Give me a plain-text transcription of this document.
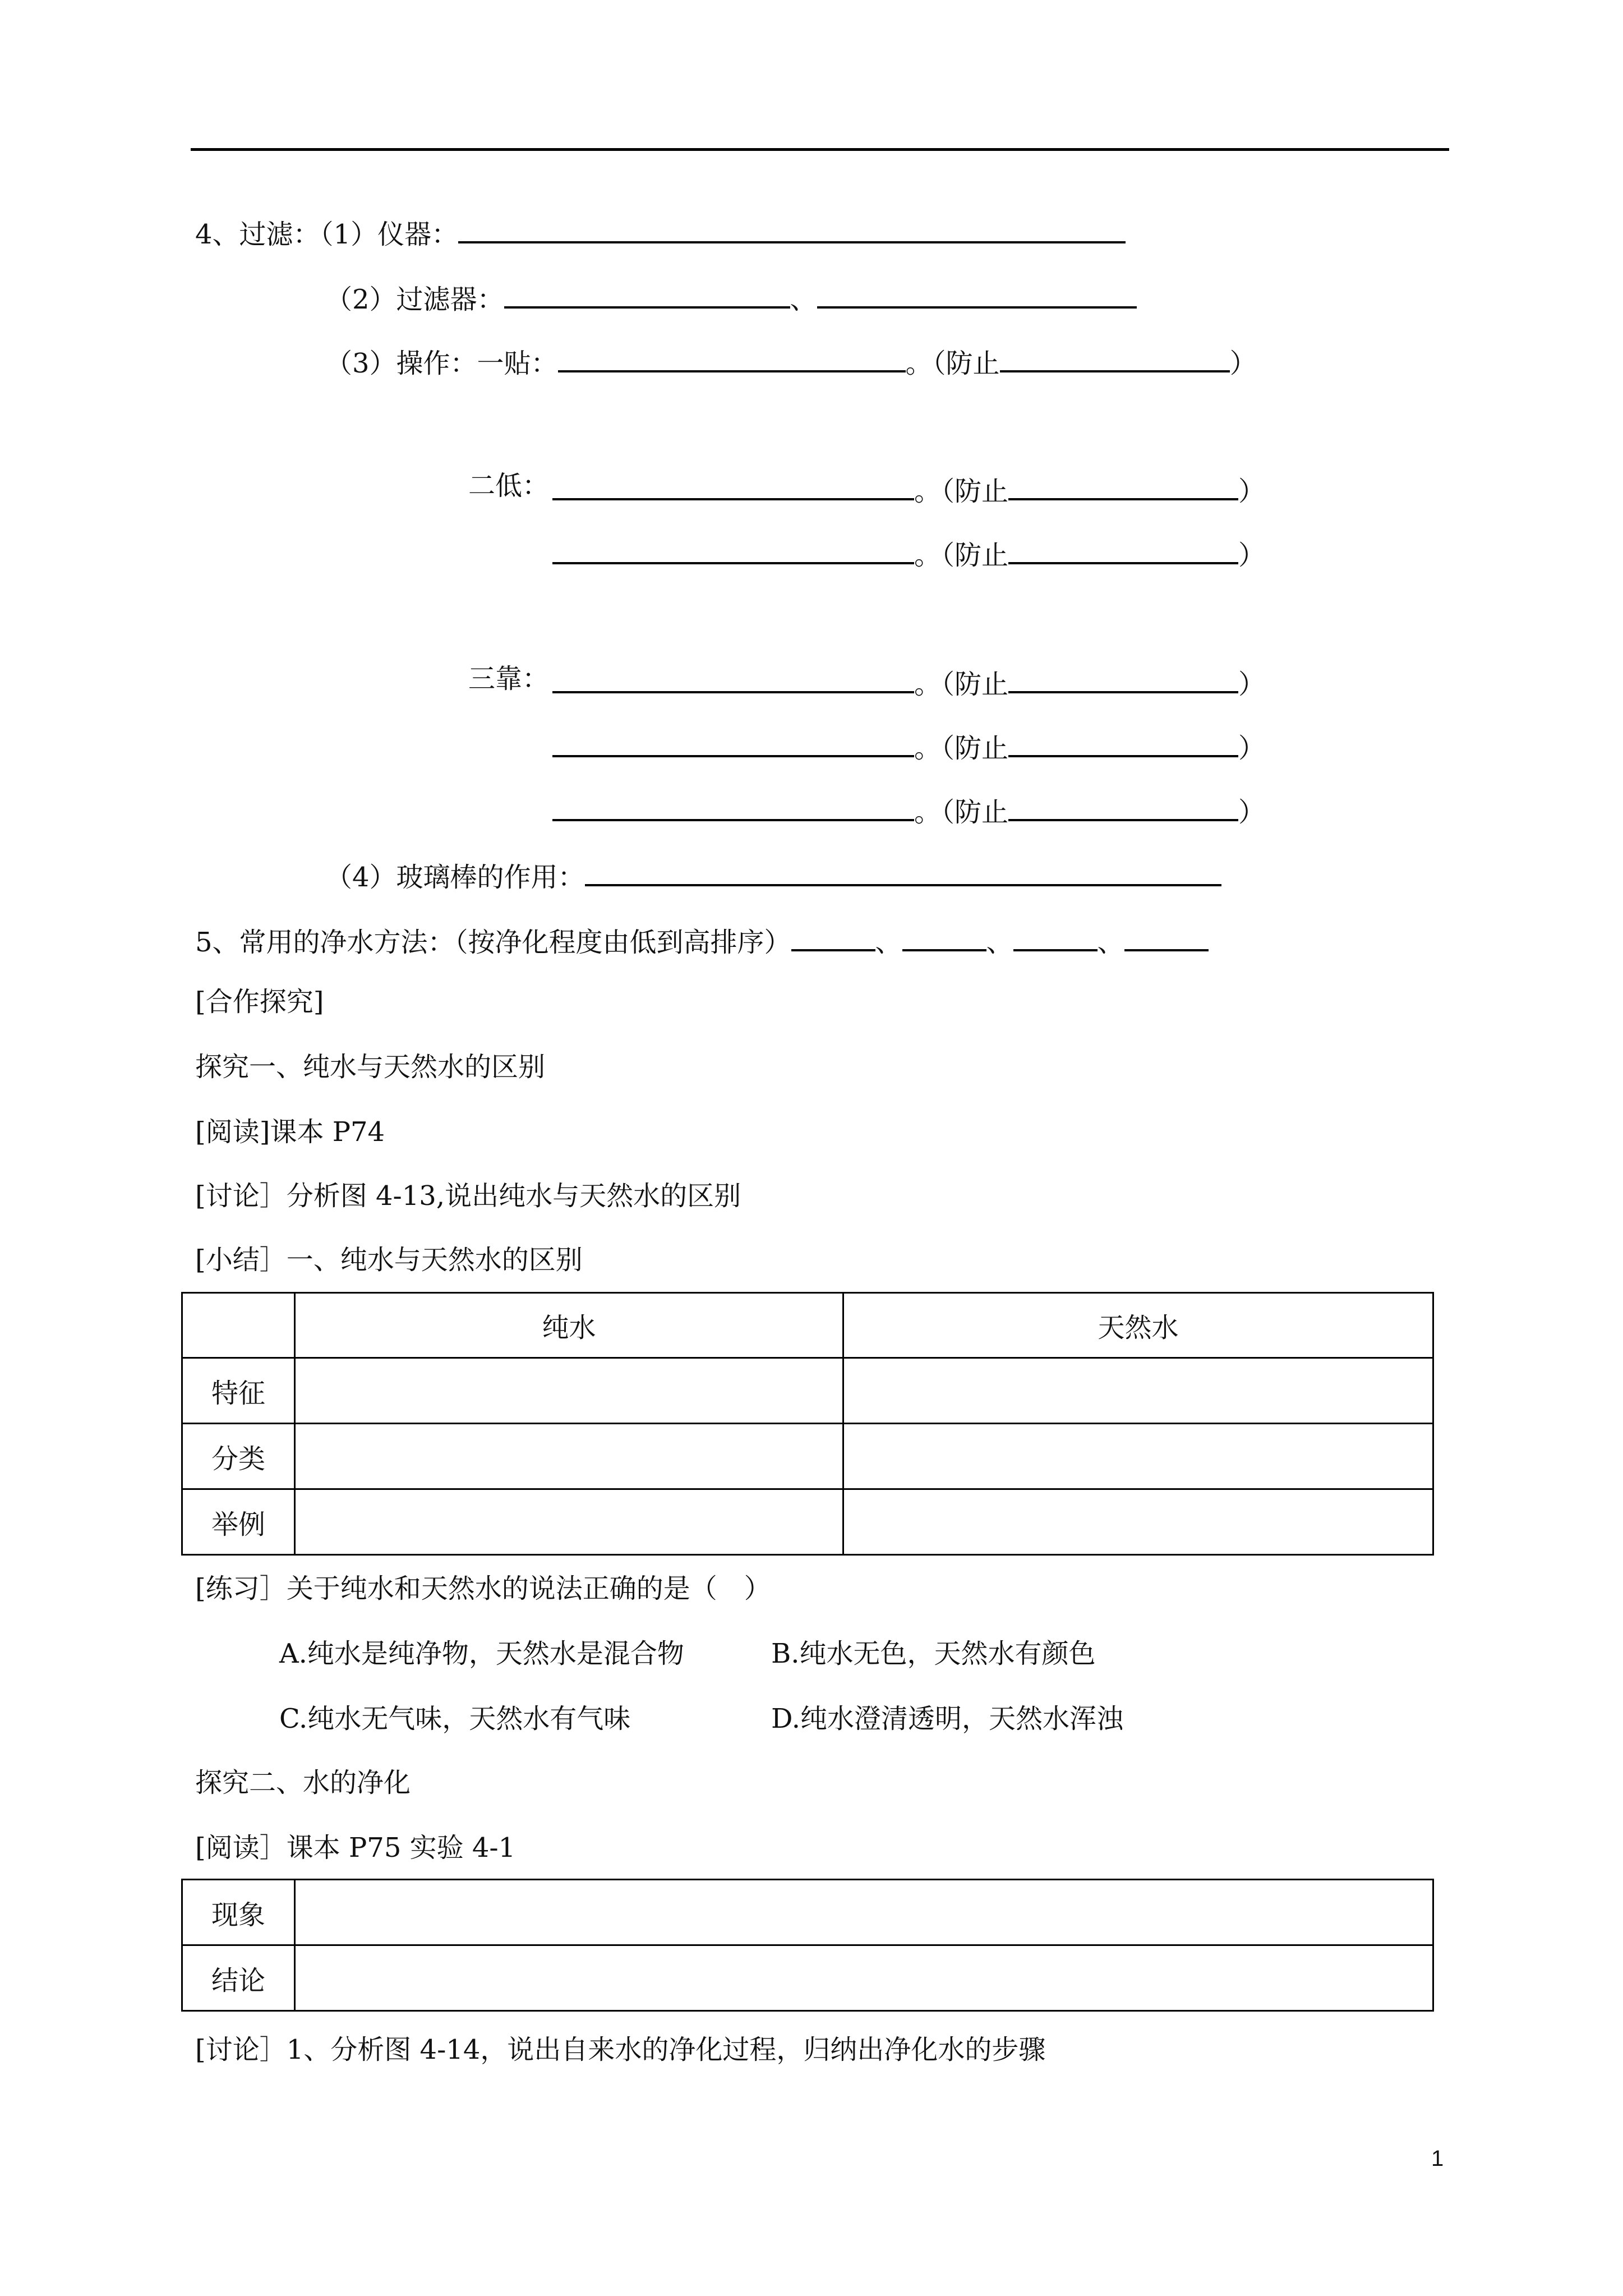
4、过滤：（1）仪器：
（2）过滤器：	、
（3）操作：一贴：	。（防止	）
二低：	。（防止	）
。（防止	）
三靠：	。（防止	）
。（防止	）
。（防止	）
（4）玻璃棒的作用：
5、常用的净水方法：（按净化程度由低到高排序）	、	、	、
[合作探究]
探究一、纯水与天然水的区别
[阅读]课本 P74
[讨论］分析图 4-13,说出纯水与天然水的区别
[小结］一、纯水与天然水的区别
	纯水	天然水
特征		
分类		
举例		
[练习］关于纯水和天然水的说法正确的是（　）
A.纯水是纯净物，天然水是混合物	B.纯水无色，天然水有颜色
C.纯水无气味，天然水有气味	D.纯水澄清透明，天然水浑浊
探究二、水的净化
[阅读］课本 P75 实验 4-1
现象	
结论	
[讨论］1、分析图 4-14，说出自来水的净化过程，归纳出净化水的步骤
1
